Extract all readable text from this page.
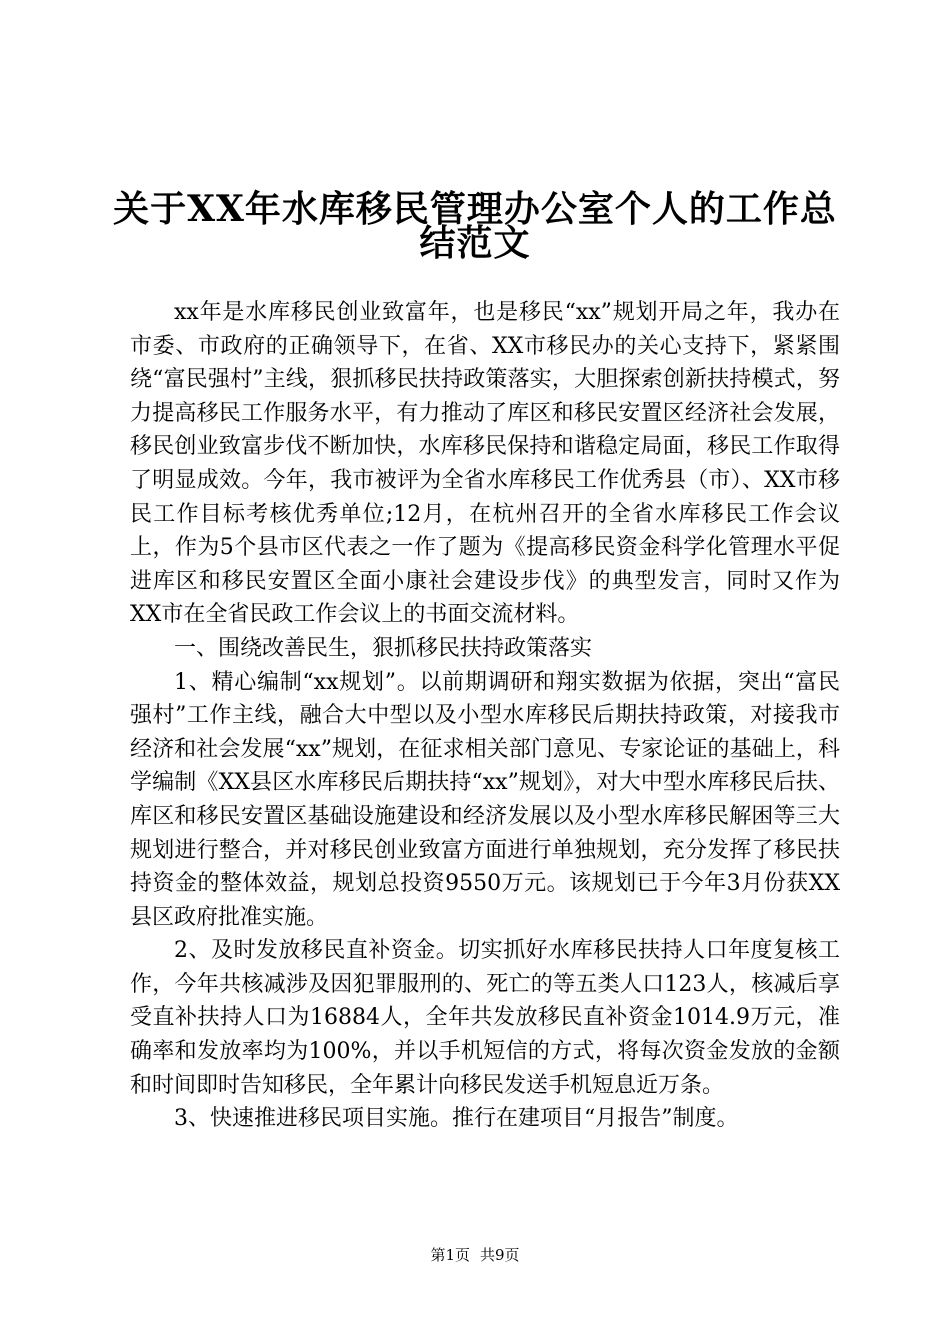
关于XX年水库移民管理办公室个人的工作总
结范文

xx年是水库移民创业致富年，也是移民“xx”规划开局之年，我办在市委、市政府的正确领导下，在省、XX市移民办的关心支持下，紧紧围绕“富民强村”主线，狠抓移民扶持政策落实，大胆探索创新扶持模式，努力提高移民工作服务水平，有力推动了库区和移民安置区经济社会发展，移民创业致富步伐不断加快，水库移民保持和谐稳定局面，移民工作取得了明显成效。今年，我市被评为全省水库移民工作优秀县（市）、XX市移民工作目标考核优秀单位;12月，在杭州召开的全省水库移民工作会议上，作为5个县市区代表之一作了题为《提高移民资金科学化管理水平促进库区和移民安置区全面小康社会建设步伐》的典型发言，同时又作为XX市在全省民政工作会议上的书面交流材料。

一、围绕改善民生，狠抓移民扶持政策落实

1、精心编制“xx规划”。以前期调研和翔实数据为依据，突出“富民强村”工作主线，融合大中型以及小型水库移民后期扶持政策，对接我市经济和社会发展“xx”规划，在征求相关部门意见、专家论证的基础上，科学编制《XX县区水库移民后期扶持“xx”规划》，对大中型水库移民后扶、库区和移民安置区基础设施建设和经济发展以及小型水库移民解困等三大规划进行整合，并对移民创业致富方面进行单独规划，充分发挥了移民扶持资金的整体效益，规划总投资9550万元。该规划已于今年3月份获XX县区政府批准实施。

2、及时发放移民直补资金。切实抓好水库移民扶持人口年度复核工作，今年共核减涉及因犯罪服刑的、死亡的等五类人口123人，核减后享受直补扶持人口为16884人，全年共发放移民直补资金1014.9万元，准确率和发放率均为100%，并以手机短信的方式，将每次资金发放的金额和时间即时告知移民，全年累计向移民发送手机短息近万条。

3、快速推进移民项目实施。推行在建项目“月报告”制度。

第1页 共9页
